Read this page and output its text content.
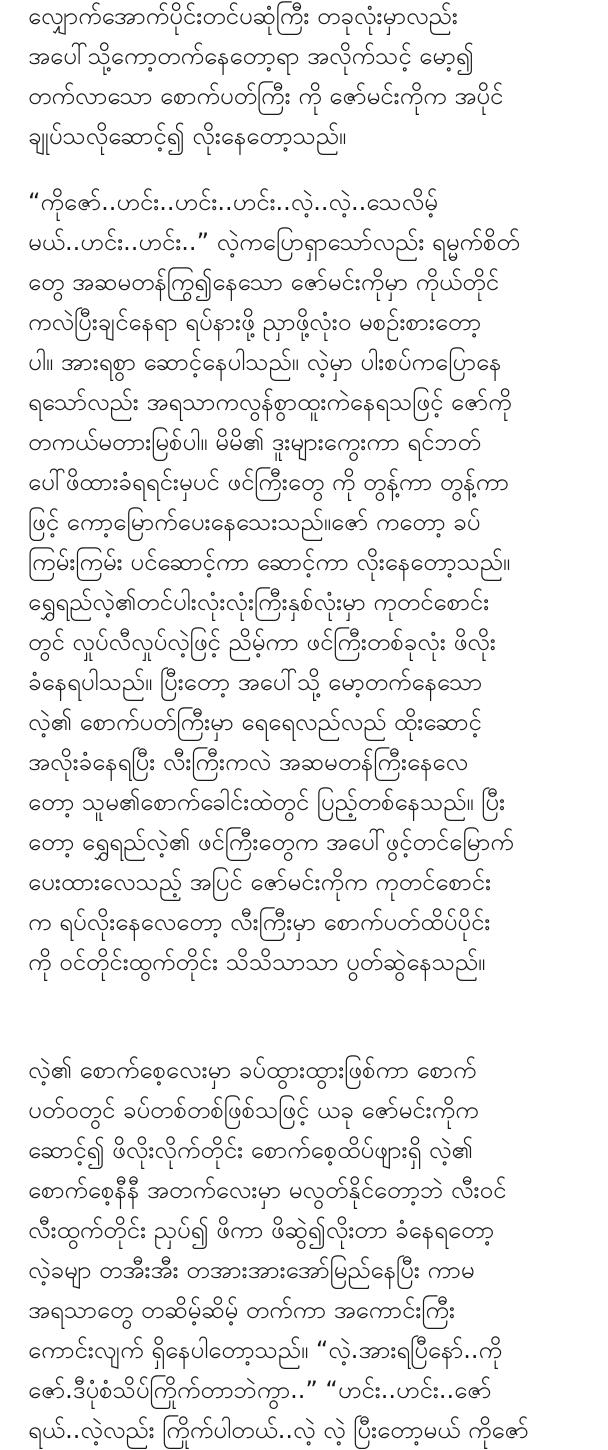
လျှောက်အောက်ပိုင်းတင်ပဆုံကြီး တခုလုံးမှာလည်း
အပေါ်သို့ကော့တက်နေတော့ရာ အလိုက်သင့် မော့၍
တက်လာသော စောက်ပတ်ကြီး ကို ဇော်မင်းကိုက အပိုင်
ချုပ်သလိုဆောင့်၍ လိုးနေတော့သည်။
“ကိုဇော်..ဟင်း..ဟင်း..ဟင်း..လဲ့..လဲ့..သေလိမ့်
မယ်..ဟင်း..ဟင်း..” လဲ့ကပြောရှာသော်လည်း ရမ္မက်စိတ်
တွေ အဆမတန်ကြွ၍နေသော ဇော်မင်းကိုမှာ ကိုယ်တိုင်
ကလဲပြီးချင်နေရာ ရပ်နားဖို့ ညှာဖို့လုံးဝ မစဉ်းစားတော့
ပါ။ အားရစွာ ဆောင့်နေပါသည်။ လဲ့မှာ ပါးစပ်ကပြောနေ
ရသော်လည်း အရသာကလွန်စွာထူးကဲနေရသဖြင့် ဇော်ကို
တကယ်မတားမြစ်ပါ။ မိမိ၏ ဒူးများကွေးကာ ရင်ဘတ်
ပေါ်ဖိထားခံရရင်းမှပင် ဖင်ကြီးတွေ ကို တွန့်ကာ တွန့်ကာ
ဖြင့် ကော့မြောက်ပေးနေသေးသည်။ဇော် ကတော့ ခပ်
ကြမ်းကြမ်း ပင်ဆောင့်ကာ ဆောင့်ကာ လိုးနေတော့သည်။
ရွှေရည်လဲ့၏တင်ပါးလုံးလုံးကြီးနှစ်လုံးမှာ ကုတင်စောင်း
တွင် လှုပ်လီလှုပ်လဲ့ဖြင့် ညိမ့်ကာ ဖင်ကြီးတစ်ခုလုံး ဖိလိုး
ခံနေရပါသည်။ ပြီးတော့ အပေါ်သို့ မော့တက်နေသော
လဲ့၏ စောက်ပတ်ကြီးမှာ ရေရေလည်လည် ထိုးဆောင့်
အလိုးခံနေရပြီး လီးကြီးကလဲ အဆမတန်ကြီးနေလေ
တော့ သူမ၏စောက်ခေါင်းထဲတွင် ပြည့်တစ်နေသည်။ ပြီး
တော့ ရွှေရည်လဲ့၏ ဖင်ကြီးတွေက အပေါ်ဖွင့်တင်မြောက်
ပေးထားလေသည့် အပြင် ဇော်မင်းကိုက ကုတင်စောင်း
က ရပ်လိုးနေလေတော့ လီးကြီးမှာ စောက်ပတ်ထိပ်ပိုင်း
ကို ဝင်တိုင်းထွက်တိုင်း သိသိသာသာ ပွတ်ဆွဲနေသည်။
လဲ့၏ စောက်စေ့လေးမှာ ခပ်ထွားထွားဖြစ်ကာ စောက်
ပတ်ဝတွင် ခပ်တစ်တစ်ဖြစ်သဖြင့် ယခု ဇော်မင်းကိုက
ဆောင့်၍ ဖိလိုးလိုက်တိုင်း စောက်စေ့ထိပ်ဖျားရှိ လဲ့၏
စောက်စေ့နီနီ အတက်လေးမှာ မလွတ်နိုင်တော့ဘဲ လီးဝင်
လီးထွက်တိုင်း ညှပ်၍ ဖိကာ ဖိဆွဲ၍လိုးတာ ခံနေရတော့
လဲ့ခမျာ တအီးအီး တအားအားအော်မြည်နေပြီး ကာမ
အရသာတွေ တဆိမ့်ဆိမ့် တက်ကာ အကောင်းကြီး
ကောင်းလျက် ရှိနေပါတော့သည်။ “လဲ့.အားရပြီနော်..ကို
ဇော်.ဒီပုံစံသိပ်ကြိုက်တာဘဲကွာ..” “ဟင်း..ဟင်း..ဇော်
ရယ်..လဲ့လည်း ကြိုက်ပါတယ်..လဲ့ လဲ့ ပြီးတော့မယ် ကိုဇော်
